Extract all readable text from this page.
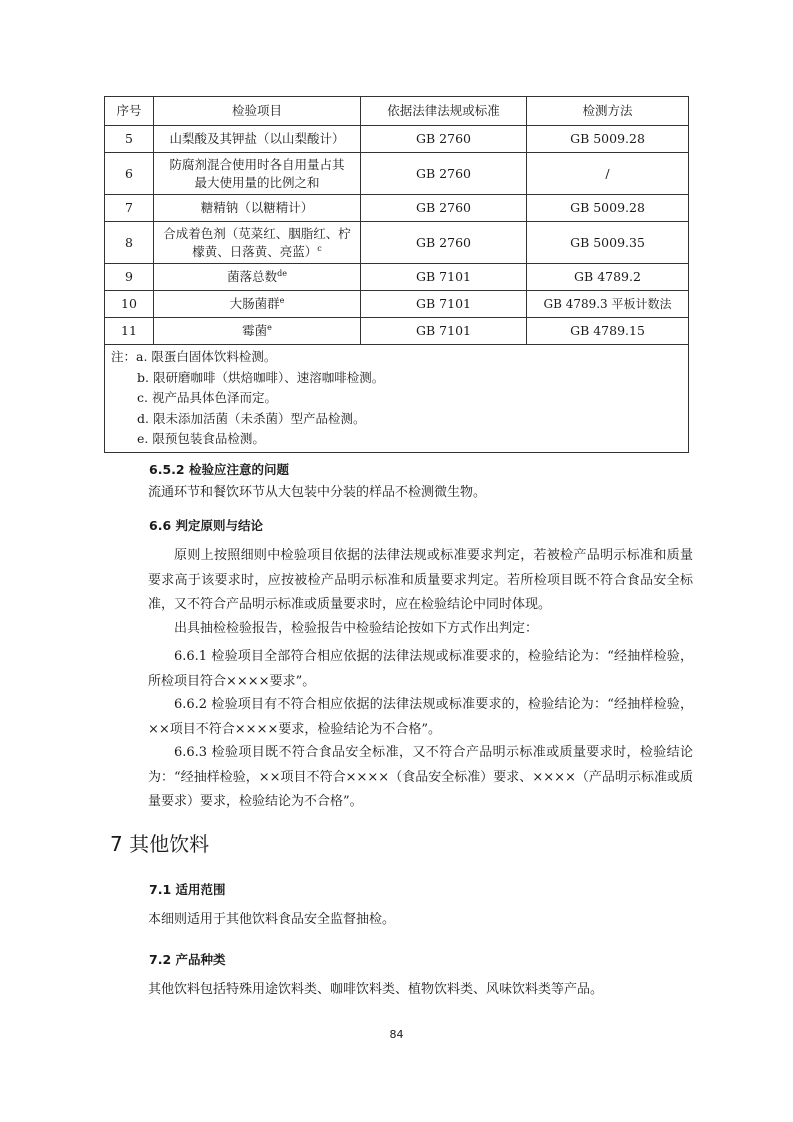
序号	检验项目	依据法律法规或标准	检测方法
5	山梨酸及其钾盐（以山梨酸计）	GB 2760	GB 5009.28
6	防腐剂混合使用时各自用量占其最大使用量的比例之和	GB 2760	/
7	糖精钠（以糖精计）	GB 2760	GB 5009.28
8	合成着色剂（苋菜红、胭脂红、柠檬黄、日落黄、亮蓝）$^c$	GB 2760	GB 5009.35
9	菌落总数$^{de}$	GB 7101	GB 4789.2
10	大肠菌群$^e$	GB 7101	GB 4789.3 平板计数法
11	霉菌$^e$	GB 7101	GB 4789.15

注：a. 限蛋白固体饮料检测。
b. 限研磨咖啡（烘焙咖啡）、速溶咖啡检测。
c. 视产品具体色泽而定。
d. 限未添加活菌（未杀菌）型产品检测。
e. 限预包装食品检测。			
6.5.2 检验应注意的问题

流通环节和餐饮环节从大包装中分装的样品不检测微生物。

6.6 判定原则与结论

原则上按照细则中检验项目依据的法律法规或标准要求判定，若被检产品明示标准和质量要求高于该要求时，应按被检产品明示标准和质量要求判定。若所检项目既不符合食品安全标准，又不符合产品明示标准或质量要求时，应在检验结论中同时体现。

出具抽检检验报告，检验报告中检验结论按如下方式作出判定：

6.6.1 检验项目全部符合相应依据的法律法规或标准要求的，检验结论为：“经抽样检验，所检项目符合××××要求”。

6.6.2 检验项目有不符合相应依据的法律法规或标准要求的，检验结论为：“经抽样检验，××项目不符合××××要求，检验结论为不合格”。

6.6.3 检验项目既不符合食品安全标准，又不符合产品明示标准或质量要求时，检验结论为：“经抽样检验，××项目不符合××××（食品安全标准）要求、××××（产品明示标准或质量要求）要求，检验结论为不合格”。

7 其他饮料
7.1 适用范围

本细则适用于其他饮料食品安全监督抽检。

7.2 产品种类

其他饮料包括特殊用途饮料类、咖啡饮料类、植物饮料类、风味饮料类等产品。

84
